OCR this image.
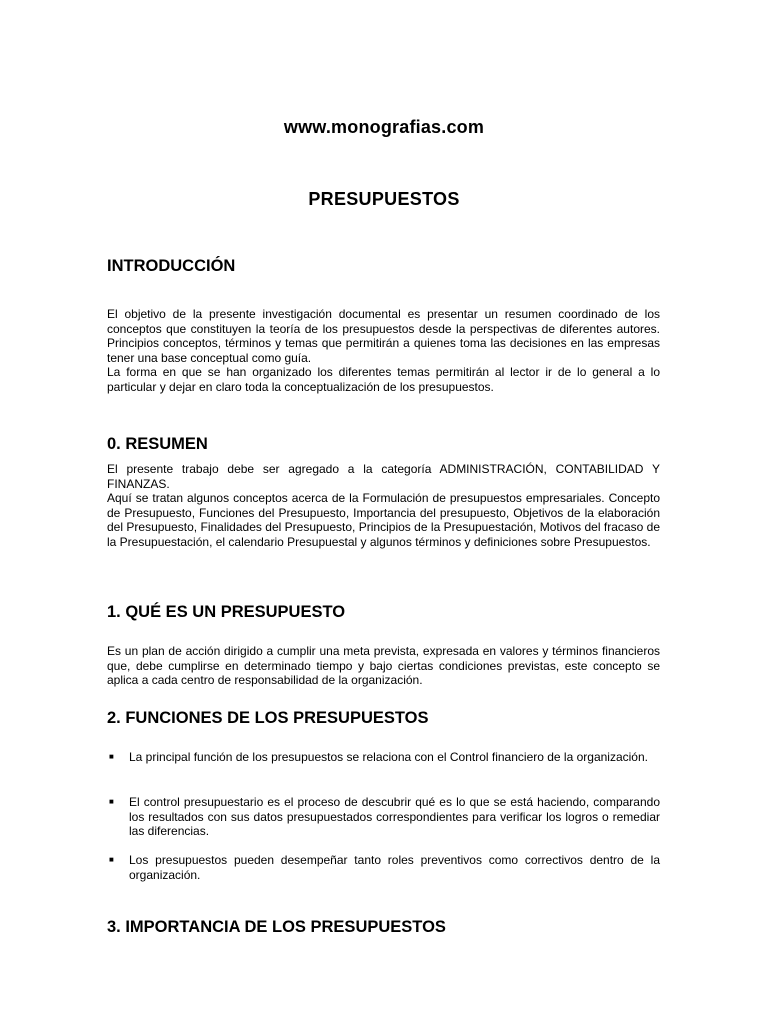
www.monografias.com
PRESUPUESTOS
INTRODUCCIÓN

El objetivo de la presente investigación documental es presentar un resumen coordinado de los conceptos que constituyen la teoría de los presupuestos desde la perspectivas de diferentes autores. Principios conceptos, términos y temas que permitirán a quienes toma las decisiones en las empresas tener una base conceptual como guía.

La forma en que se han organizado los diferentes temas permitirán al lector ir de lo general a lo particular y dejar en claro toda la conceptualización de los presupuestos.

0. RESUMEN

El presente trabajo debe ser agregado a la categoría ADMINISTRACIÓN, CONTABILIDAD Y FINANZAS.

Aquí se tratan algunos conceptos acerca de la Formulación de presupuestos empresariales. Concepto de Presupuesto, Funciones del Presupuesto, Importancia del presupuesto, Objetivos de la elaboración del Presupuesto, Finalidades del Presupuesto, Principios de la Presupuestación, Motivos del fracaso de la Presupuestación, el calendario Presupuestal y algunos términos y definiciones sobre Presupuestos.

1. QUÉ ES UN PRESUPUESTO

Es un plan de acción dirigido a cumplir una meta prevista, expresada en valores y términos financieros que, debe cumplirse en determinado tiempo y bajo ciertas condiciones previstas, este concepto se aplica a cada centro de responsabilidad de la organización.

2. FUNCIONES DE LOS PRESUPUESTOS
■ La principal función de los presupuestos se relaciona con el Control financiero de la organización.
■ El control presupuestario es el proceso de descubrir qué es lo que se está haciendo, comparando los resultados con sus datos presupuestados correspondientes para verificar los logros o remediar las diferencias.
■ Los presupuestos pueden desempeñar tanto roles preventivos como correctivos dentro de la organización.
3. IMPORTANCIA DE LOS PRESUPUESTOS
